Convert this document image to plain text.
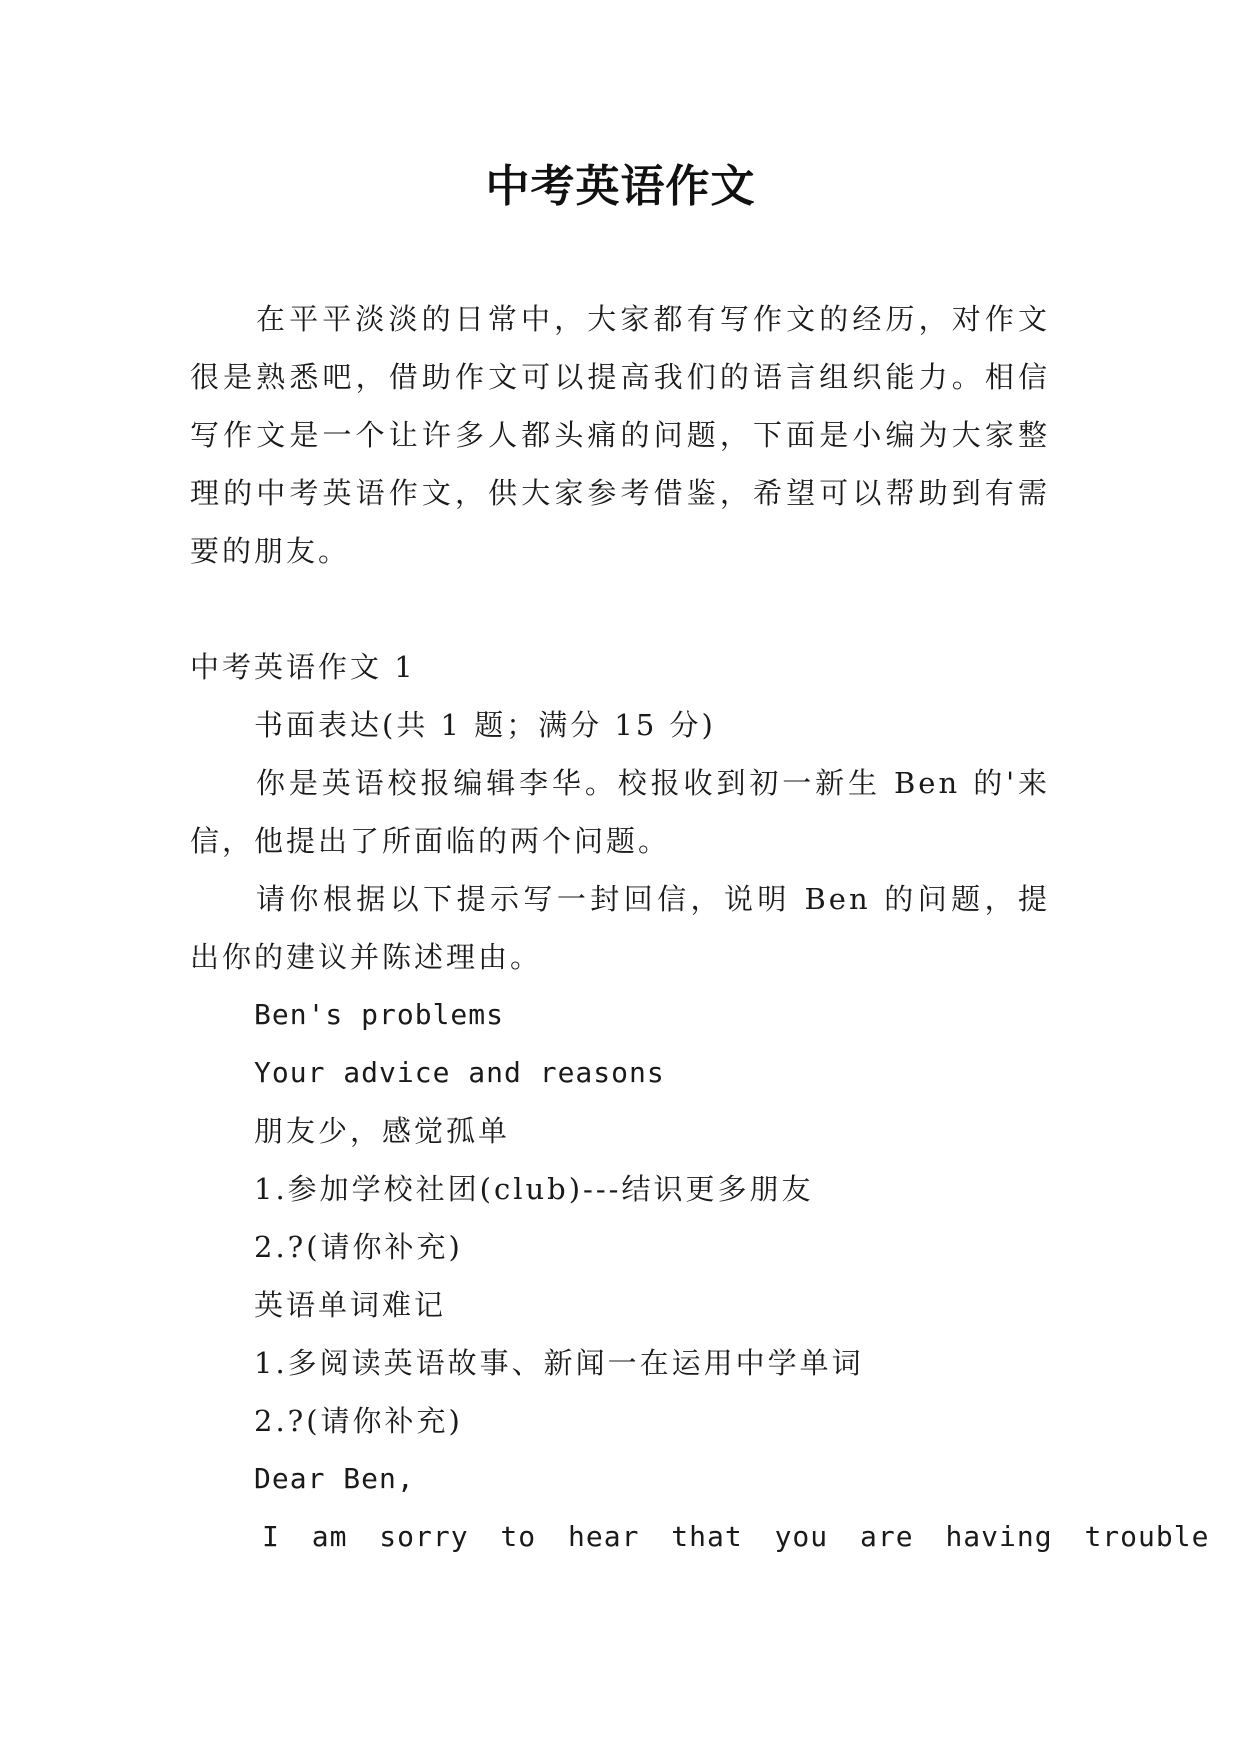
中考英语作文

在平平淡淡的日常中，大家都有写作文的经历，对作文很是熟悉吧，借助作文可以提高我们的语言组织能力。相信写作文是一个让许多人都头痛的问题，下面是小编为大家整理的中考英语作文，供大家参考借鉴，希望可以帮助到有需要的朋友。

中考英语作文 1

书面表达(共 1 题；满分 15 分)

你是英语校报编辑李华。校报收到初一新生 Ben 的'来信，他提出了所面临的两个问题。

请你根据以下提示写一封回信，说明 Ben 的问题，提出你的建议并陈述理由。

Ben's problems

Your advice and reasons

朋友少，感觉孤单

1.参加学校社团(club)---结识更多朋友

2.?(请你补充)

英语单词难记

1.多阅读英语故事、新闻一在运用中学单词

2.?(请你补充)

Dear Ben,

I am sorry to hear that you are having trouble
